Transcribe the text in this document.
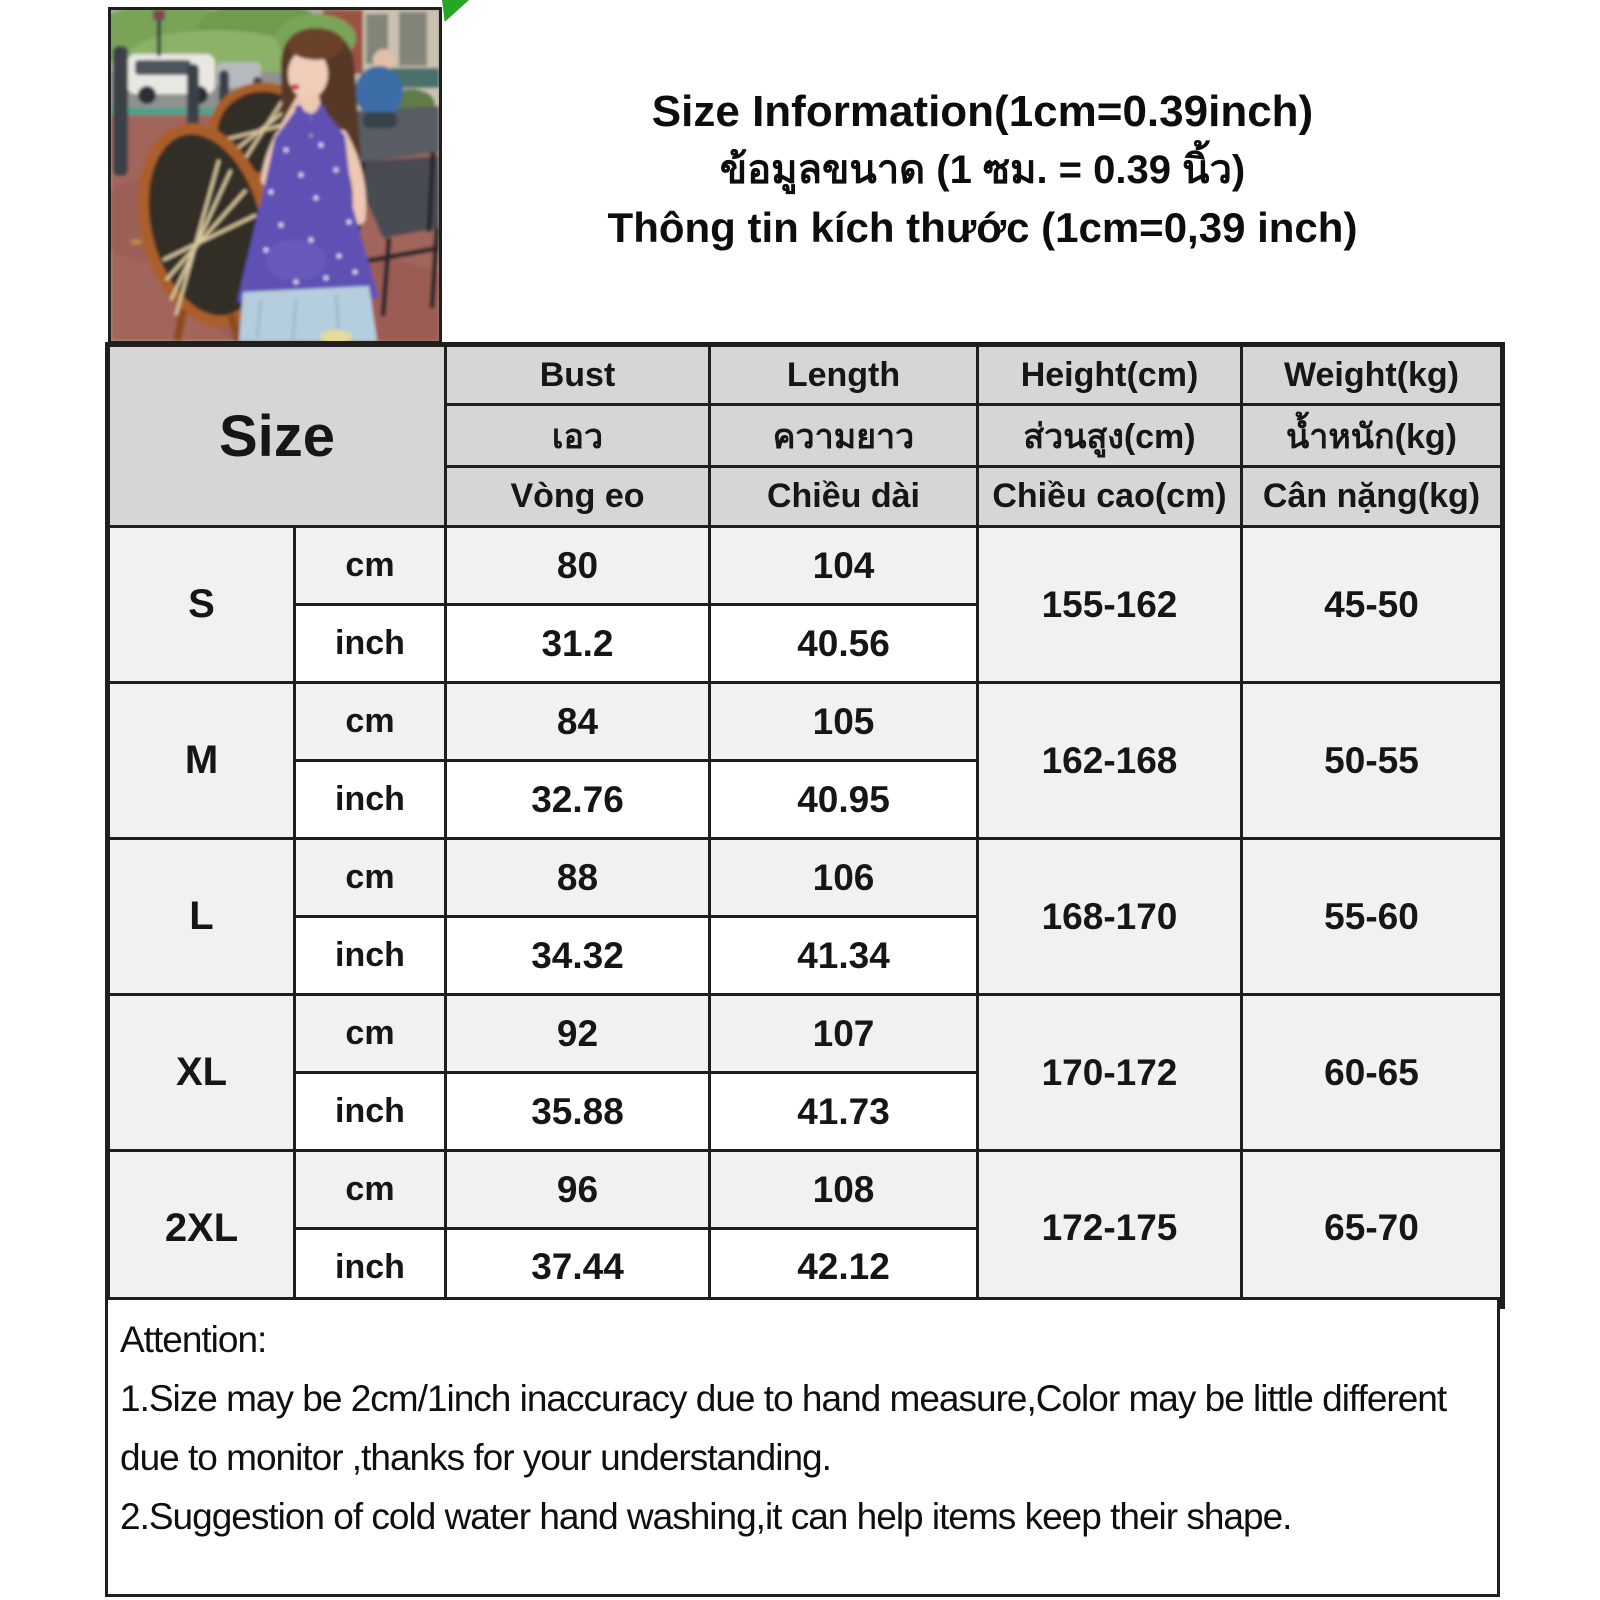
Size Information(1cm=0.39inch)
ข้อมูลขนาด (1 ซม. = 0.39 นิ้ว)
Thông tin kích thước (1cm=0,39 inch)
Size		Bust	Length	Height(cm)	Weight(kg)
		เอว	ความยาว	ส่วนสูง(cm)	น้ำหนัก(kg)
		Vòng eo	Chiều dài	Chiều cao(cm)	Cân nặng(kg)
S	cm	80	104	155-162	45-50
	inch	31.2	40.56		
M	cm	84	105	162-168	50-55
	inch	32.76	40.95		
L	cm	88	106	168-170	55-60
	inch	34.32	41.34		
XL	cm	92	107	170-172	60-65
	inch	35.88	41.73		
2XL	cm	96	108	172-175	65-70
	inch	37.44	42.12		
Attention:
1.Size may be 2cm/1inch inaccuracy due to hand measure,Color may be little different due to monitor ,thanks for your understanding.
2.Suggestion of cold water hand washing,it can help items keep their shape.
